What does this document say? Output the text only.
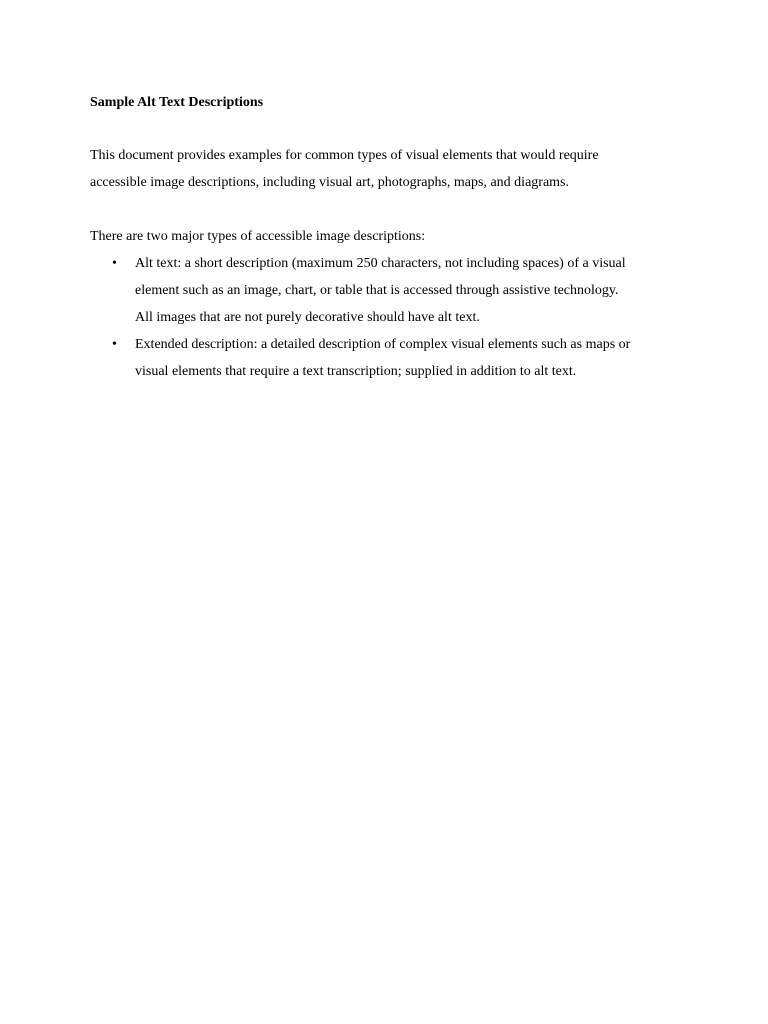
Sample Alt Text Descriptions

This document provides examples for common types of visual elements that would require
accessible image descriptions, including visual art, photographs, maps, and diagrams.

There are two major types of accessible image descriptions:

• Alt text: a short description (maximum 250 characters, not including spaces) of a visual
element such as an image, chart, or table that is accessed through assistive technology.
All images that are not purely decorative should have alt text.
• Extended description: a detailed description of complex visual elements such as maps or
visual elements that require a text transcription; supplied in addition to alt text.
